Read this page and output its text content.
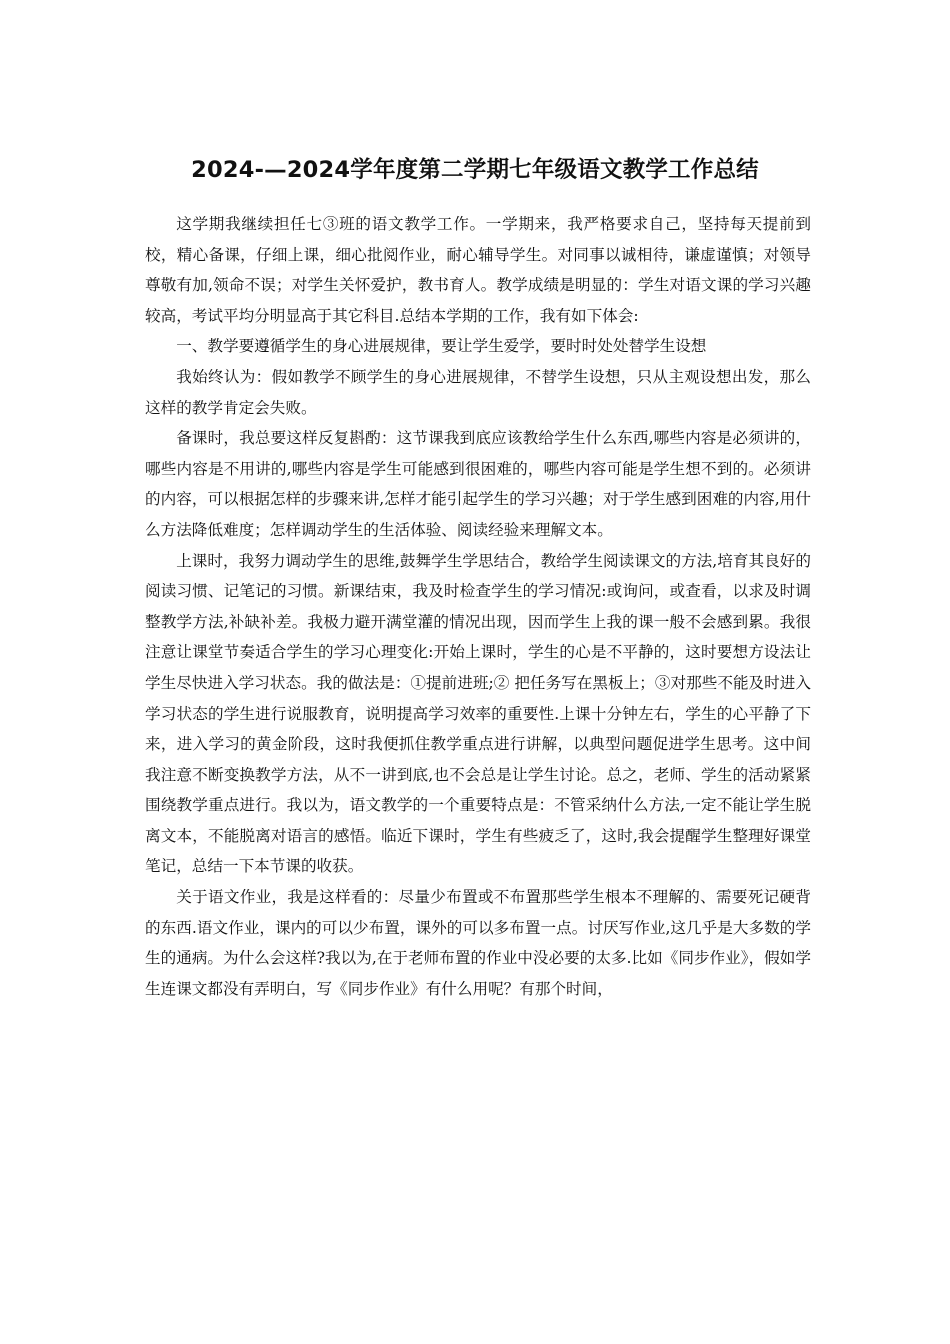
2024-—2024学年度第二学期七年级语文教学工作总结

这学期我继续担任七③班的语文教学工作。一学期来，我严格要求自己，坚持每天提前到校，精心备课，仔细上课，细心批阅作业，耐心辅导学生。对同事以诚相待，谦虚谨慎；对领导尊敬有加,领命不误；对学生关怀爱护，教书育人。教学成绩是明显的：学生对语文课的学习兴趣较高，考试平均分明显高于其它科目.总结本学期的工作，我有如下体会:

一、教学要遵循学生的身心进展规律，要让学生爱学，要时时处处替学生设想

我始终认为：假如教学不顾学生的身心进展规律，不替学生设想，只从主观设想出发，那么这样的教学肯定会失败。

备课时，我总要这样反复斟酌：这节课我到底应该教给学生什么东西,哪些内容是必须讲的，哪些内容是不用讲的,哪些内容是学生可能感到很困难的，哪些内容可能是学生想不到的。必须讲的内容，可以根据怎样的步骤来讲,怎样才能引起学生的学习兴趣；对于学生感到困难的内容,用什么方法降低难度；怎样调动学生的生活体验、阅读经验来理解文本。

上课时，我努力调动学生的思维,鼓舞学生学思结合，教给学生阅读课文的方法,培育其良好的阅读习惯、记笔记的习惯。新课结束，我及时检查学生的学习情况:或询问，或查看，以求及时调整教学方法,补缺补差。我极力避开满堂灌的情况出现，因而学生上我的课一般不会感到累。我很注意让课堂节奏适合学生的学习心理变化:开始上课时，学生的心是不平静的，这时要想方设法让学生尽快进入学习状态。我的做法是：①提前进班;② 把任务写在黑板上；③对那些不能及时进入学习状态的学生进行说服教育，说明提高学习效率的重要性.上课十分钟左右，学生的心平静了下来，进入学习的黄金阶段，这时我便抓住教学重点进行讲解，以典型问题促进学生思考。这中间我注意不断变换教学方法，从不一讲到底,也不会总是让学生讨论。总之，老师、学生的活动紧紧围绕教学重点进行。我以为，语文教学的一个重要特点是：不管采纳什么方法,一定不能让学生脱离文本，不能脱离对语言的感悟。临近下课时，学生有些疲乏了，这时,我会提醒学生整理好课堂笔记，总结一下本节课的收获。

关于语文作业，我是这样看的：尽量少布置或不布置那些学生根本不理解的、需要死记硬背的东西.语文作业，课内的可以少布置，课外的可以多布置一点。讨厌写作业,这几乎是大多数的学生的通病。为什么会这样?我以为,在于老师布置的作业中没必要的太多.比如《同步作业》，假如学生连课文都没有弄明白，写《同步作业》有什么用呢？有那个时间，
